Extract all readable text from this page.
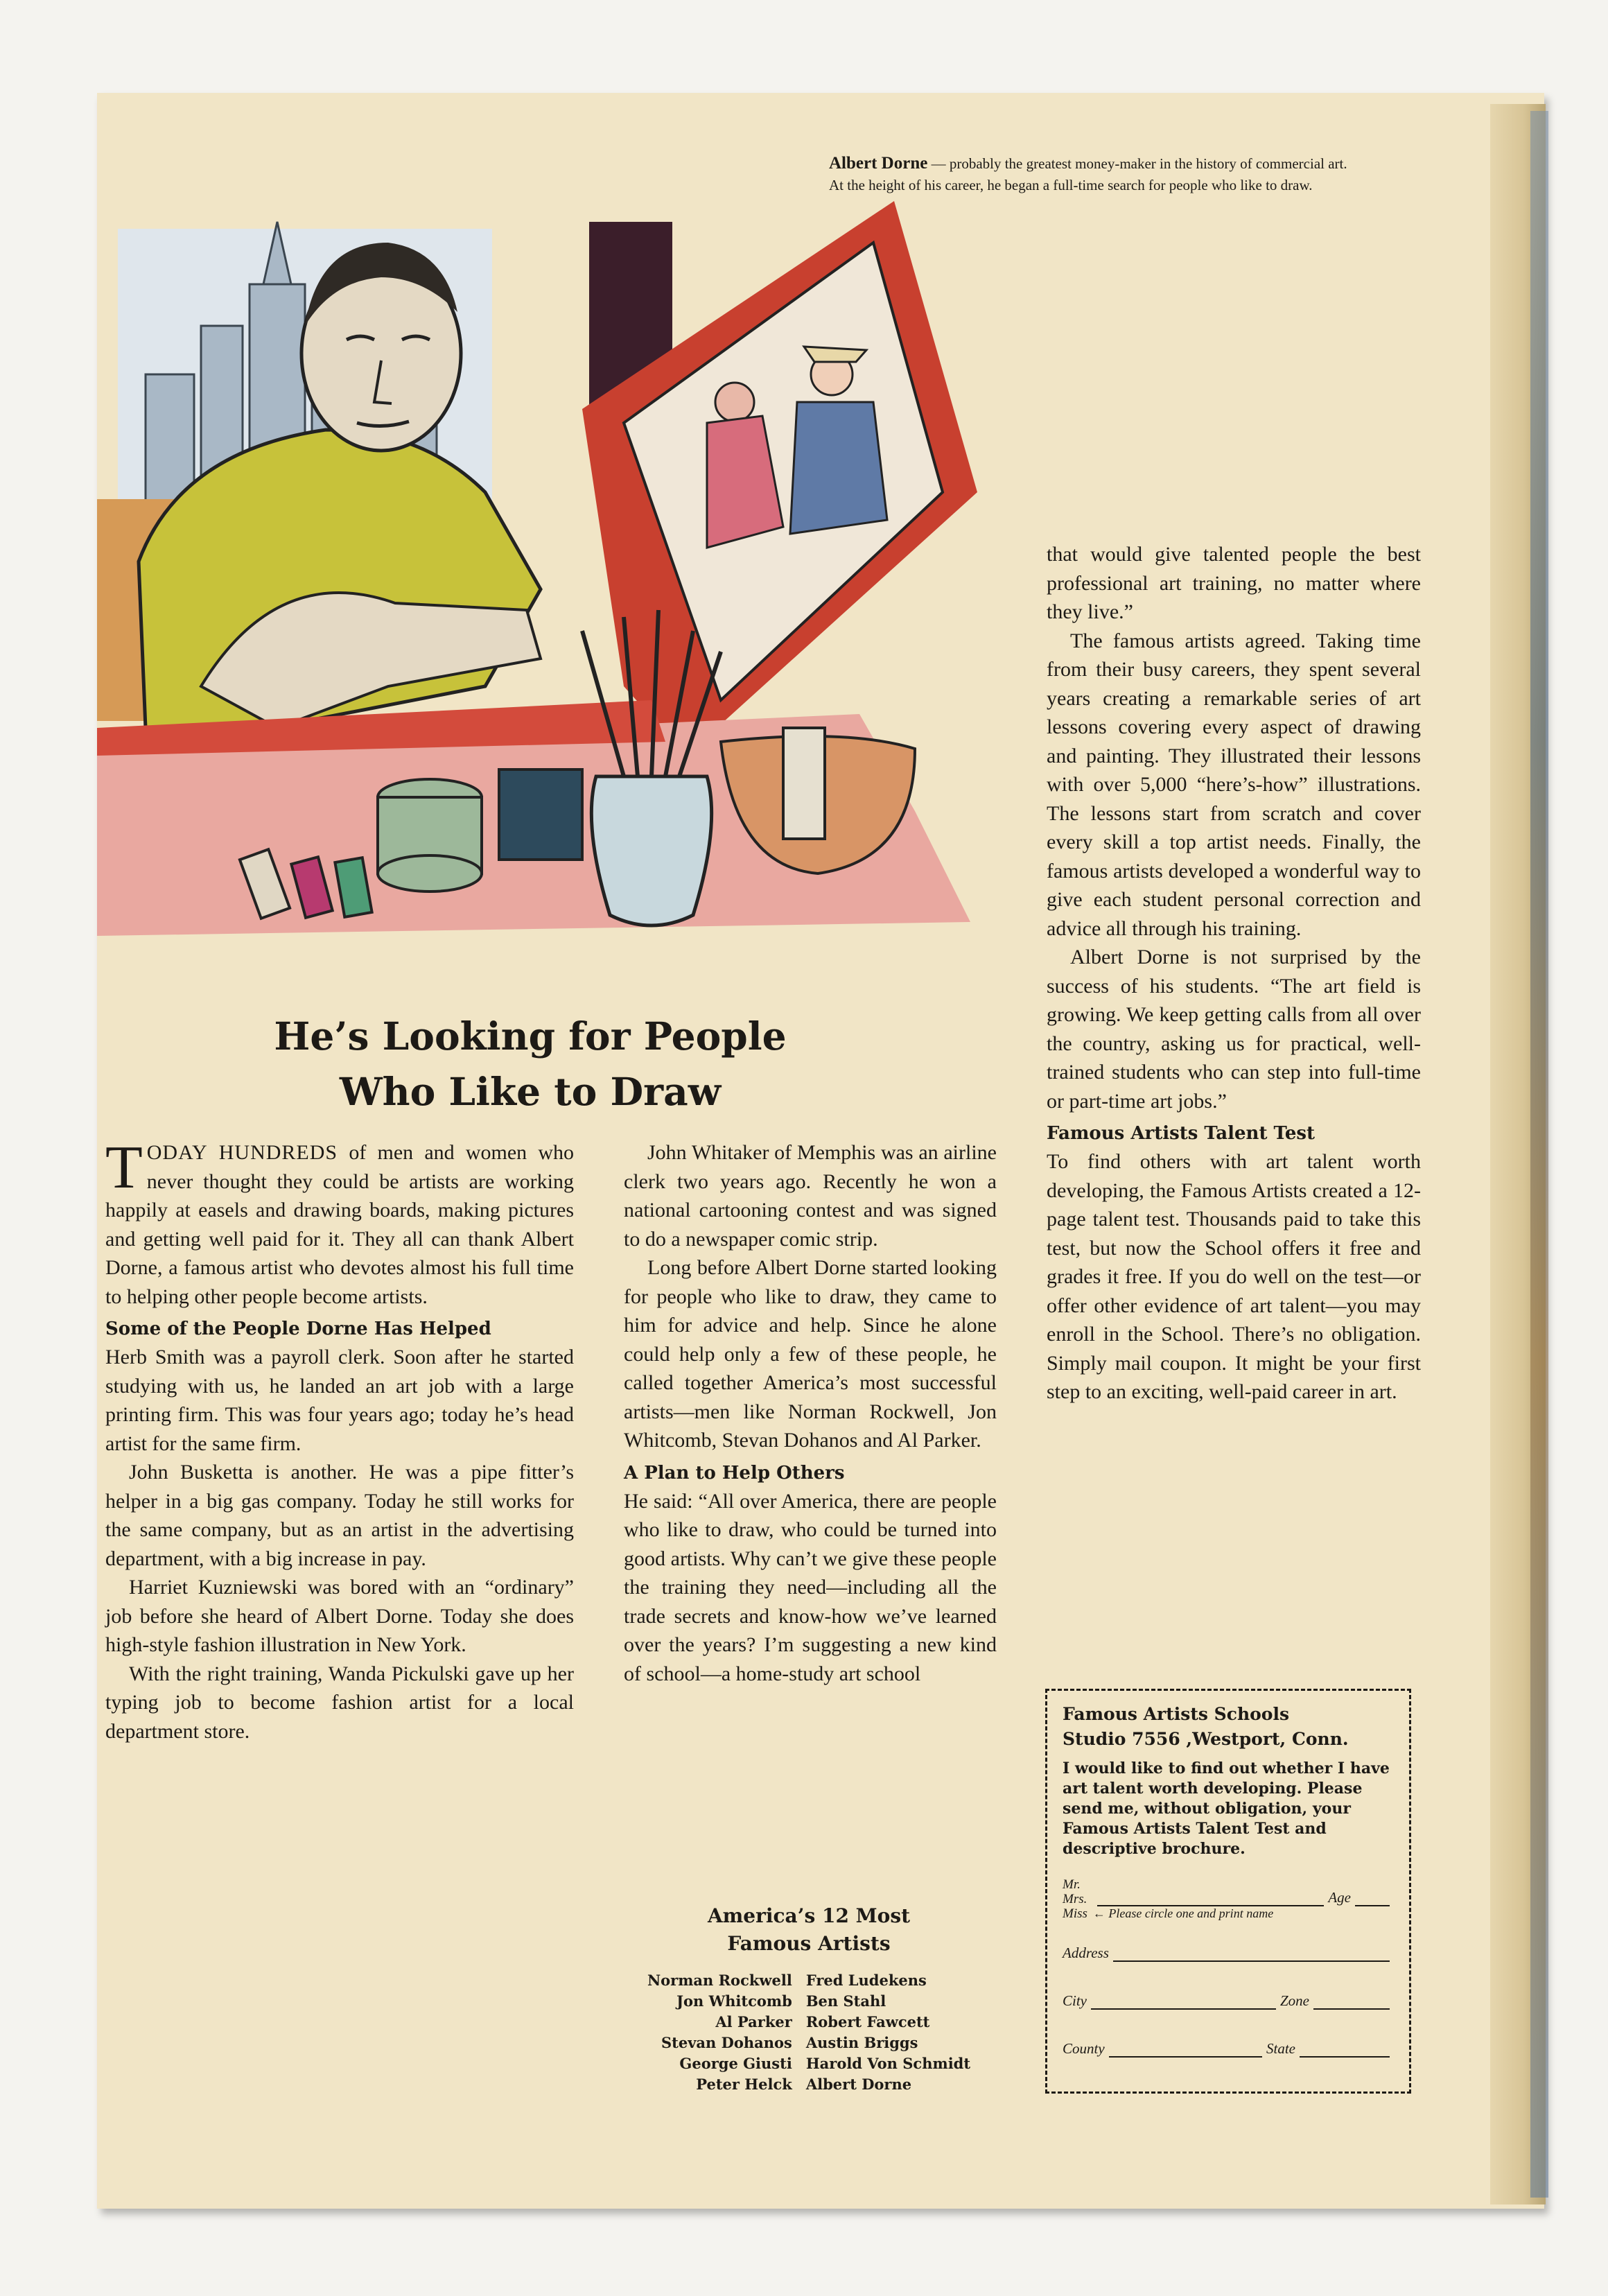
Albert Dorne — probably the greatest money-maker in the history of commercial art. At the height of his career, he began a full-time search for people who like to draw.
He’s Looking for People
Who Like to Draw

TODAY HUNDREDS of men and women who never thought they could be artists are working happily at easels and drawing boards, making pictures and getting well paid for it. They all can thank Albert Dorne, a famous artist who devotes almost his full time to helping other people become artists.

Some of the People Dorne Has Helped

Herb Smith was a payroll clerk. Soon after he started studying with us, he landed an art job with a large printing firm. This was four years ago; today he’s head artist for the same firm.

John Busketta is another. He was a pipe fitter’s helper in a big gas company. Today he still works for the same company, but as an artist in the advertising department, with a big increase in pay.

Harriet Kuzniewski was bored with an “ordinary” job before she heard of Albert Dorne. Today she does high-style fashion illustration in New York.

With the right training, Wanda Pickulski gave up her typing job to become fashion artist for a local department store.

John Whitaker of Memphis was an airline clerk two years ago. Recently he won a national cartooning contest and was signed to do a newspaper comic strip.

Long before Albert Dorne started looking for people who like to draw, they came to him for advice and help. Since he alone could help only a few of these people, he called together America’s most successful artists—men like Norman Rockwell, Jon Whitcomb, Stevan Dohanos and Al Parker.

A Plan to Help Others

He said: “All over America, there are people who like to draw, who could be turned into good artists. Why can’t we give these people the training they need—including all the trade secrets and know-how we’ve learned over the years? I’m suggesting a new kind of school—a home-study art school

that would give talented people the best professional art training, no matter where they live.”

The famous artists agreed. Taking time from their busy careers, they spent several years creating a remarkable series of art lessons covering every aspect of drawing and painting. They illustrated their lessons with over 5,000 “here’s-how” illustrations. The lessons start from scratch and cover every skill a top artist needs. Finally, the famous artists developed a wonderful way to give each student personal correction and advice all through his training.

Albert Dorne is not surprised by the success of his students. “The art field is growing. We keep getting calls from all over the country, asking us for practical, well-trained students who can step into full-time or part-time art jobs.”

Famous Artists Talent Test

To find others with art talent worth developing, the Famous Artists created a 12-page talent test. Thousands paid to take this test, but now the School offers it free and grades it free. If you do well on the test—or offer other evidence of art talent—you may enroll in the School. There’s no obligation. Simply mail coupon. It might be your first step to an exciting, well-paid career in art.

America’s 12 Most
Famous Artists
Norman Rockwell
Jon Whitcomb
Al Parker
Stevan Dohanos
George Giusti
Peter Helck
Fred Ludekens
Ben Stahl
Robert Fawcett
Austin Briggs
Harold Von Schmidt
Albert Dorne
Famous Artists Schools
Studio 7556 ,Westport, Conn.
I would like to find out whether I have art talent worth developing. Please send me, without obligation, your Famous Artists Talent Test and descriptive brochure.
Mr.
Mrs.
Miss
Age
← Please circle one and print name
Address
City	Zone
County	State
